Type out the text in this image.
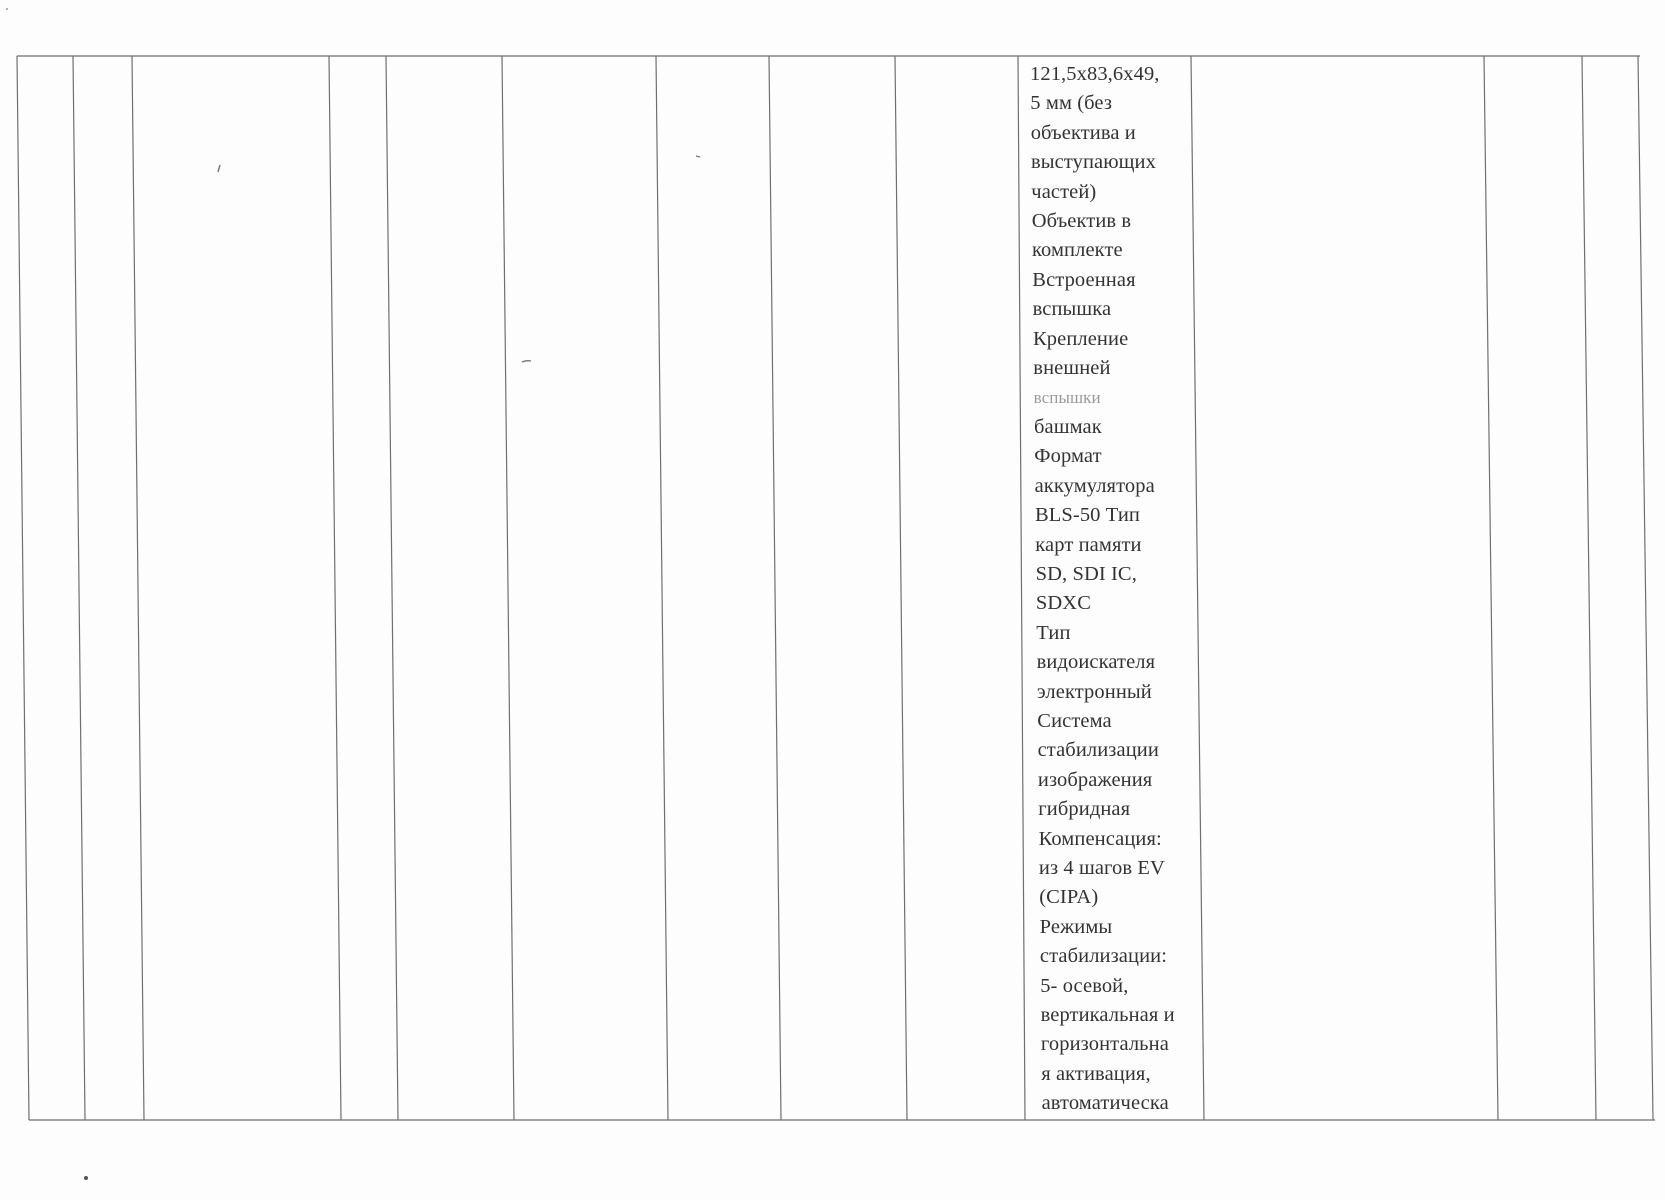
121,5x83,6x49,
5 мм (без
объектива и
выступающих
частей)
Объектив в
комплекте
Встроенная
вспышка
Крепление
внешней
вспышки
башмак
Формат
аккумулятора
BLS-50 Тип
карт памяти
SD, SDI IC,
SDXC
Тип
видоискателя
электронный
Система
стабилизации
изображения
гибридная
Компенсация:
из 4 шагов EV
(CIPA)
Режимы
стабилизации:
5- осевой,
вертикальная и
горизонтальна
я активация,
автоматическа
